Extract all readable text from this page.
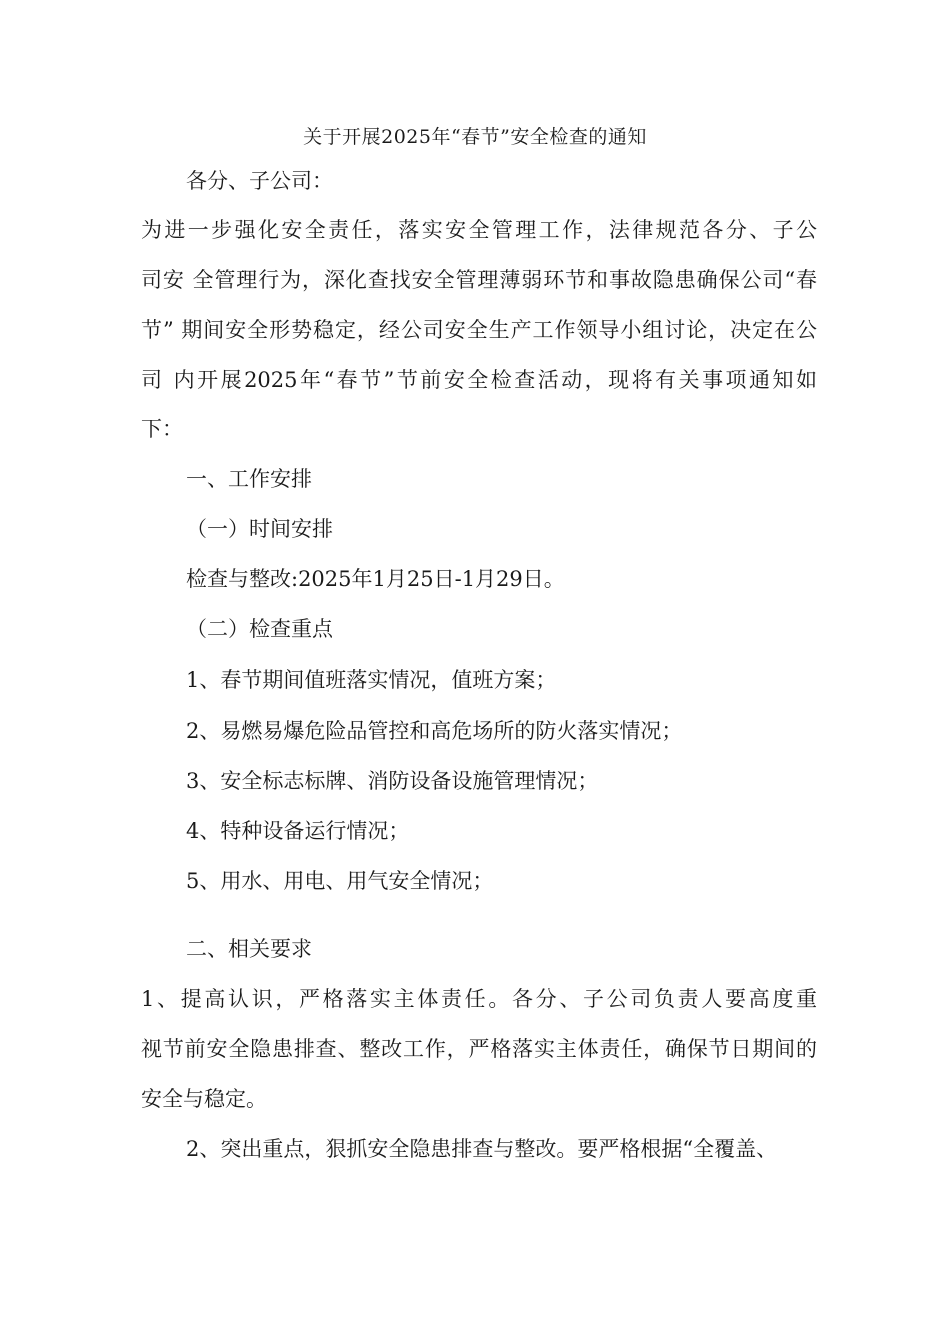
关于开展2025年“春节”安全检查的通知
各分、子公司：
为进一步强化安全责任，落实安全管理工作，法律规范各分、子公
司安 全管理行为，深化查找安全管理薄弱环节和事故隐患确保公司“春
节” 期间安全形势稳定，经公司安全生产工作领导小组讨论，决定在公
司 内开展2025年“春节”节前安全检查活动，现将有关事项通知如
下：
一、工作安排
（一）时间安排
检查与整改:2025年1月25日-1月29日。
（二）检查重点
1、春节期间值班落实情况，值班方案；
2、易燃易爆危险品管控和高危场所的防火落实情况；
3、安全标志标牌、消防设备设施管理情况；
4、特种设备运行情况；
5、用水、用电、用气安全情况；
二、相关要求
1、提高认识，严格落实主体责任。各分、子公司负责人要高度重
视节前安全隐患排查、整改工作，严格落实主体责任，确保节日期间的
安全与稳定。
2、突出重点，狠抓安全隐患排查与整改。要严格根据“全覆盖、
